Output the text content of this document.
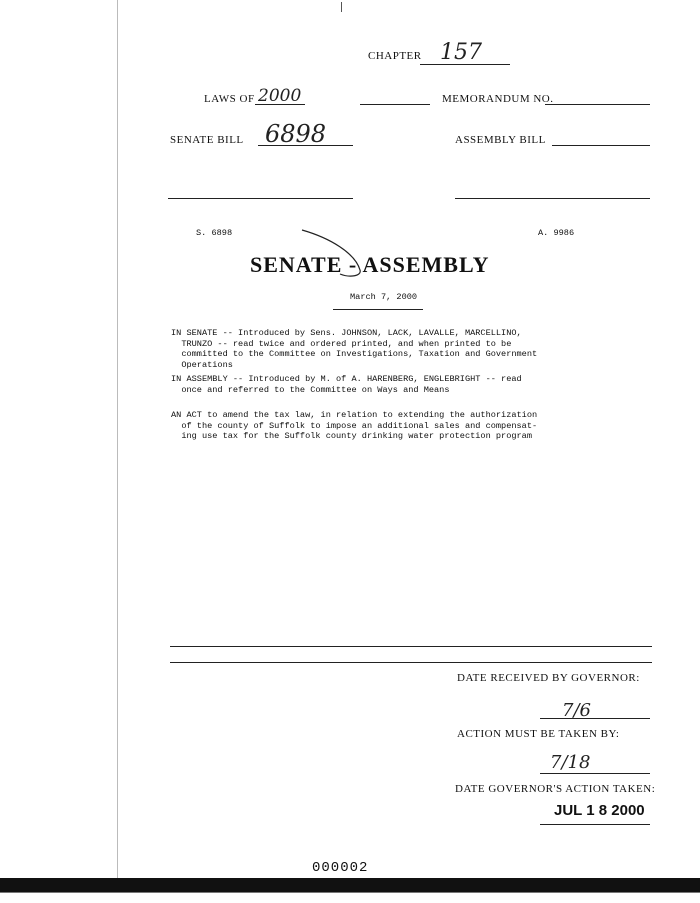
CHAPTER 157
LAWS OF 2000	MEMORANDUM NO.
SENATE BILL 6898	ASSEMBLY BILL
S. 6898	A. 9986
SENATE - ASSEMBLY
March 7, 2000
IN SENATE -- Introduced by Sens. JOHNSON, LACK, LAVALLE, MARCELLINO,
TRUNZO -- read twice and ordered printed, and when printed to be
committed to the Committee on Investigations, Taxation and Government
Operations
IN ASSEMBLY -- Introduced by M. of A. HARENBERG, ENGLEBRIGHT -- read
once and referred to the Committee on Ways and Means
AN ACT to amend the tax law, in relation to extending the authorization
of the county of Suffolk to impose an additional sales and compensat-
ing use tax for the Suffolk county drinking water protection program
DATE RECEIVED BY GOVERNOR:
7/6
ACTION MUST BE TAKEN BY:
7/18
DATE GOVERNOR'S ACTION TAKEN:
JUL 1 8 2000
000002
